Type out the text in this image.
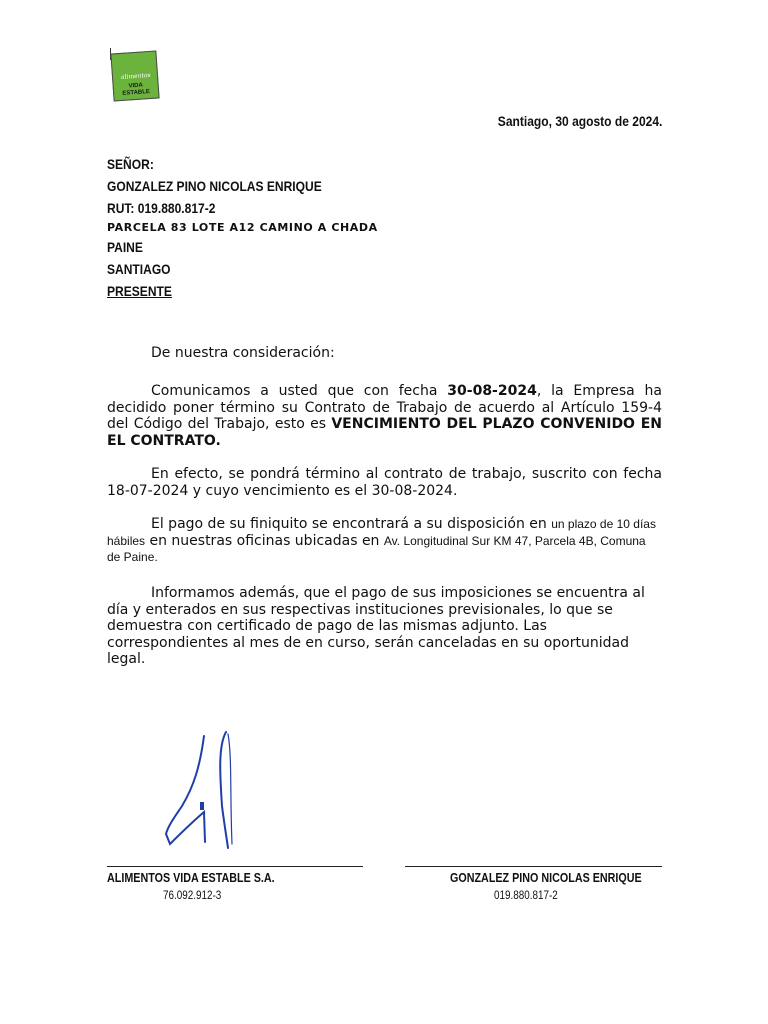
alimentos
VIDA
ESTABLE
Santiago, 30 agosto de 2024.
SEÑOR:
GONZALEZ PINO NICOLAS ENRIQUE
RUT: 019.880.817-2
PARCELA 83 LOTE A12 CAMINO A CHADA
PAINE
SANTIAGO
PRESENTE
De nuestra consideración:
Comunicamos a usted que con fecha 30-08-2024, la Empresa ha decidido poner término su Contrato de Trabajo de acuerdo al Artículo 159-4 del Código del Trabajo, esto es VENCIMIENTO DEL PLAZO CONVENIDO EN EL CONTRATO.
En efecto, se pondrá término al contrato de trabajo, suscrito con fecha 18-07-2024 y cuyo vencimiento es el 30-08-2024.
El pago de su finiquito se encontrará a su disposición en un plazo de 10 días hábiles en nuestras oficinas ubicadas en Av. Longitudinal Sur KM 47, Parcela 4B, Comuna de Paine.
Informamos además, que el pago de sus imposiciones se encuentra al día y enterados en sus respectivas instituciones previsionales, lo que se demuestra con certificado de pago de las mismas adjunto. Las correspondientes al mes de en curso, serán canceladas en su oportunidad legal.
ALIMENTOS VIDA ESTABLE S.A.
76.092.912-3
GONZALEZ PINO NICOLAS ENRIQUE
019.880.817-2
